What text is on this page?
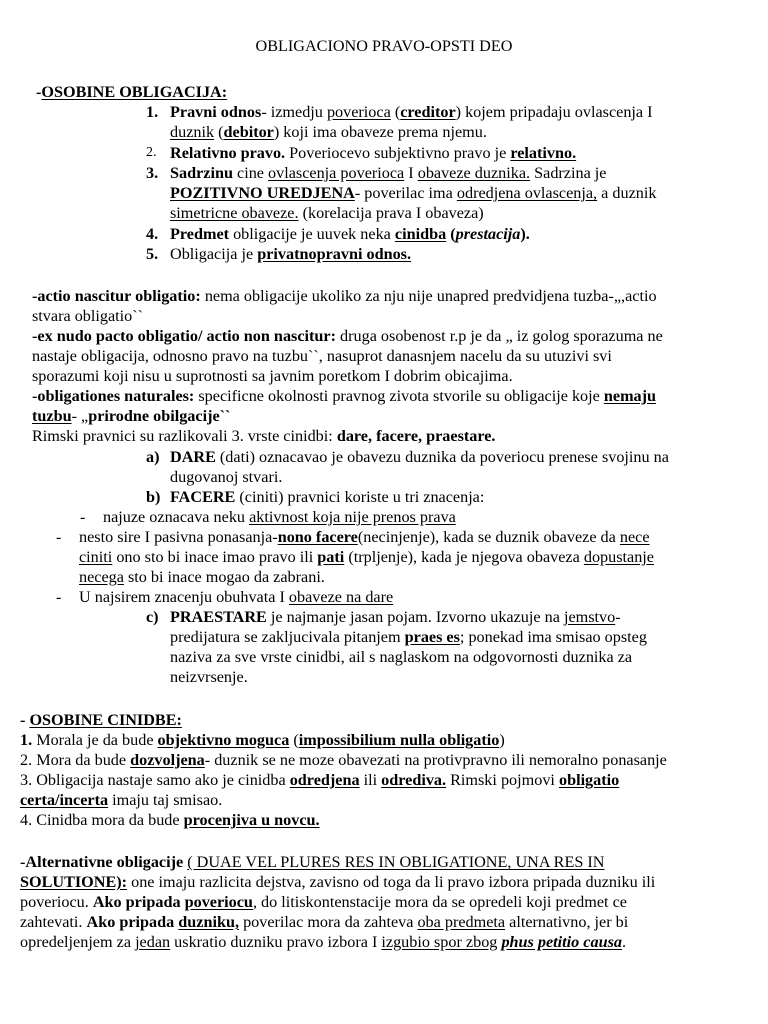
OBLIGACIONO PRAVO-OPSTI DEO
-OSOBINE OBLIGACIJA:
1. Pravni odnos- izmedju poverioca (creditor) kojem pripadaju ovlascenja I
duznik (debitor) koji ima obaveze prema njemu.
2. Relativno pravo. Poveriocevo subjektivno pravo je relativno.
3. Sadrzinu cine ovlascenja poverioca I obaveze duznika. Sadrzina je
POZITIVNO UREDJENA- poverilac ima odredjena ovlascenja, a duznik
simetricne obaveze. (korelacija prava I obaveza)
4. Predmet obligacije je uuvek neka cinidba (prestacija).
5. Obligacija je privatnopravni odnos.
-actio nascitur obligatio: nema obligacije ukoliko za nju nije unapred predvidjena tuzba-„,actio
stvara obligatio``
-ex nudo pacto obligatio/ actio non nascitur: druga osobenost r.p je da „ iz golog sporazuma ne
nastaje obligacija, odnosno pravo na tuzbu``, nasuprot danasnjem nacelu da su utuzivi svi
sporazumi koji nisu u suprotnosti sa javnim poretkom I dobrim obicajima.
-obligationes naturales: specificne okolnosti pravnog zivota stvorile su obligacije koje nemaju
tuzbu- „prirodne obilgacije``
Rimski pravnici su razlikovali 3. vrste cinidbi: dare, facere, praestare.
a) DARE (dati) oznacavao je obavezu duznika da poveriocu prenese svojinu na
dugovanoj stvari.
b) FACERE (ciniti) pravnici koriste u tri znacenja:
- najuze oznacava neku aktivnost koja nije prenos prava
- nesto sire I pasivna ponasanja-nono facere(necinjenje), kada se duznik obaveze da nece
ciniti ono sto bi inace imao pravo ili pati (trpljenje), kada je njegova obaveza dopustanje
necega sto bi inace mogao da zabrani.
- U najsirem znacenju obuhvata I obaveze na dare
c) PRAESTARE je najmanje jasan pojam. Izvorno ukazuje na jemstvo-
predijatura se zakljucivala pitanjem praes es; ponekad ima smisao opsteg
naziva za sve vrste cinidbi, ail s naglaskom na odgovornosti duznika za
neizvrsenje.
- OSOBINE CINIDBE:
1. Morala je da bude objektivno moguca (impossibilium nulla obligatio)
2. Mora da bude dozvoljena- duznik se ne moze obavezati na protivpravno ili nemoralno ponasanje
3. Obligacija nastaje samo ako je cinidba odredjena ili odrediva. Rimski pojmovi obligatio
certa/incerta imaju taj smisao.
4. Cinidba mora da bude procenjiva u novcu.
-Alternativne obligacije ( DUAE VEL PLURES RES IN OBLIGATIONE, UNA RES IN
SOLUTIONE): one imaju razlicita dejstva, zavisno od toga da li pravo izbora pripada duzniku ili
poveriocu. Ako pripada poveriocu, do litiskontenstacije mora da se opredeli koji predmet ce
zahtevati. Ako pripada duzniku, poverilac mora da zahteva oba predmeta alternativno, jer bi
opredeljenjem za jedan uskratio duzniku pravo izbora I izgubio spor zbog phus petitio causa.
